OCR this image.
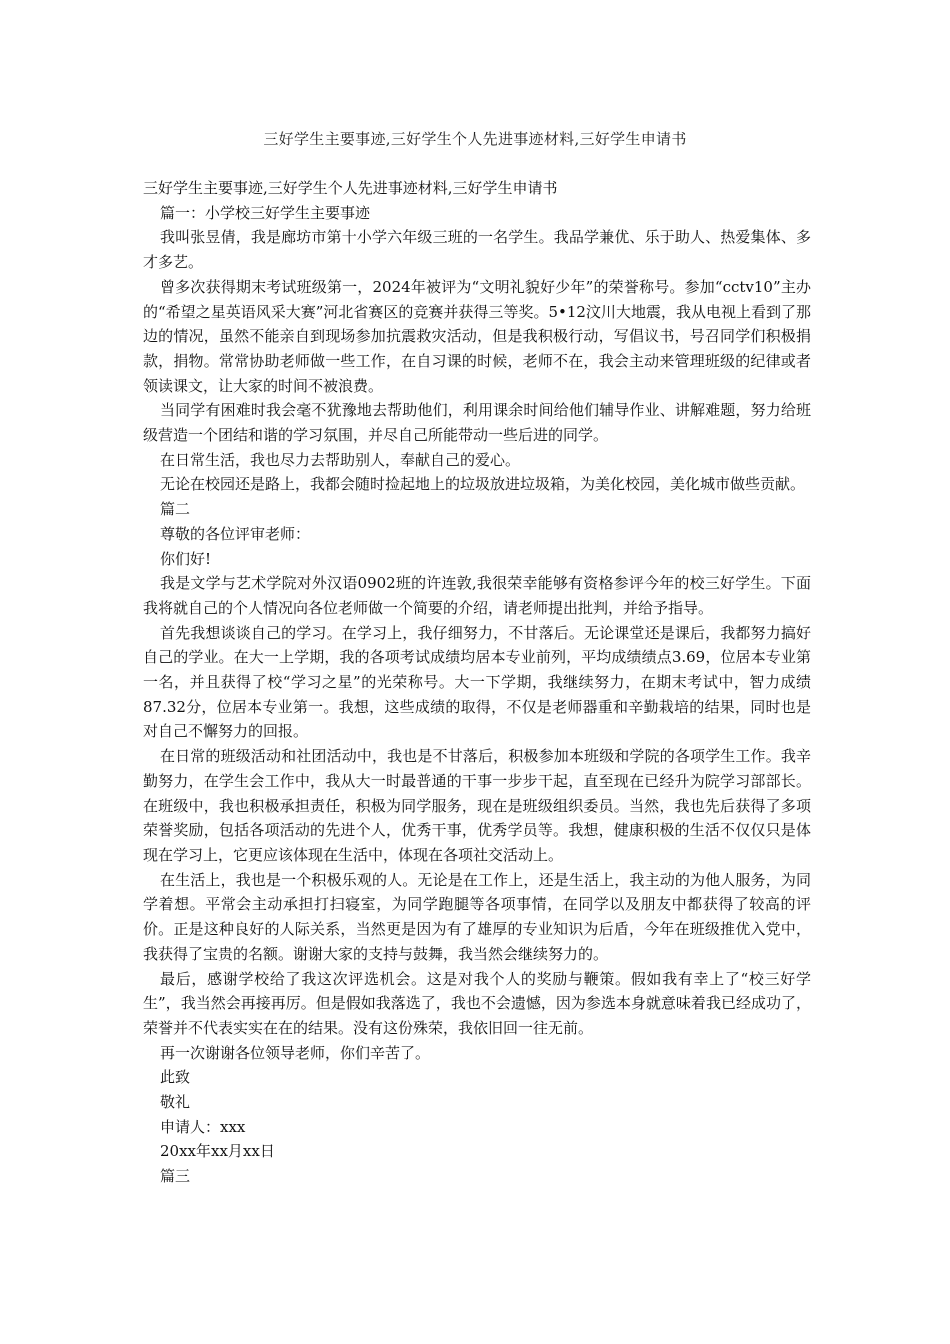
三好学生主要事迹,三好学生个人先进事迹材料,三好学生申请书

三好学生主要事迹,三好学生个人先进事迹材料,三好学生申请书

篇一：小学校三好学生主要事迹

我叫张昱倩，我是廊坊市第十小学六年级三班的一名学生。我品学兼优、乐于助人、热爱集体、多才多艺。

曾多次获得期末考试班级第一，2024年被评为“文明礼貌好少年”的荣誉称号。参加“cctv10”主办的“希望之星英语风采大赛”河北省赛区的竞赛并获得三等奖。5•12汶川大地震，我从电视上看到了那边的情况，虽然不能亲自到现场参加抗震救灾活动，但是我积极行动，写倡议书，号召同学们积极捐款，捐物。常常协助老师做一些工作，在自习课的时候，老师不在，我会主动来管理班级的纪律或者领读课文，让大家的时间不被浪费。

当同学有困难时我会毫不犹豫地去帮助他们，利用课余时间给他们辅导作业、讲解难题，努力给班级营造一个团结和谐的学习氛围，并尽自己所能带动一些后进的同学。

在日常生活，我也尽力去帮助别人，奉献自己的爱心。

无论在校园还是路上，我都会随时捡起地上的垃圾放进垃圾箱，为美化校园，美化城市做些贡献。

篇二

尊敬的各位评审老师：

你们好!

我是文学与艺术学院对外汉语0902班的许连敦,我很荣幸能够有资格参评今年的校三好学生。下面我将就自己的个人情况向各位老师做一个简要的介绍，请老师提出批判，并给予指导。

首先我想谈谈自己的学习。在学习上，我仔细努力，不甘落后。无论课堂还是课后，我都努力搞好自己的学业。在大一上学期，我的各项考试成绩均居本专业前列，平均成绩绩点3.69，位居本专业第一名，并且获得了校“学习之星”的光荣称号。大一下学期，我继续努力，在期末考试中，智力成绩87.32分，位居本专业第一。我想，这些成绩的取得，不仅是老师器重和辛勤栽培的结果，同时也是对自己不懈努力的回报。

在日常的班级活动和社团活动中，我也是不甘落后，积极参加本班级和学院的各项学生工作。我辛勤努力，在学生会工作中，我从大一时最普通的干事一步步干起，直至现在已经升为院学习部部长。在班级中，我也积极承担责任，积极为同学服务，现在是班级组织委员。当然，我也先后获得了多项荣誉奖励，包括各项活动的先进个人，优秀干事，优秀学员等。我想，健康积极的生活不仅仅只是体现在学习上，它更应该体现在生活中，体现在各项社交活动上。

在生活上，我也是一个积极乐观的人。无论是在工作上，还是生活上，我主动的为他人服务，为同学着想。平常会主动承担打扫寝室，为同学跑腿等各项事情，在同学以及朋友中都获得了较高的评价。正是这种良好的人际关系，当然更是因为有了雄厚的专业知识为后盾，今年在班级推优入党中，我获得了宝贵的名额。谢谢大家的支持与鼓舞，我当然会继续努力的。

最后，感谢学校给了我这次评选机会。这是对我个人的奖励与鞭策。假如我有幸上了“校三好学生”，我当然会再接再厉。但是假如我落选了，我也不会遗憾，因为参选本身就意味着我已经成功了，荣誉并不代表实实在在的结果。没有这份殊荣，我依旧回一往无前。

再一次谢谢各位领导老师，你们辛苦了。

此致

敬礼

申请人：xxx

20xx年xx月xx日

篇三
